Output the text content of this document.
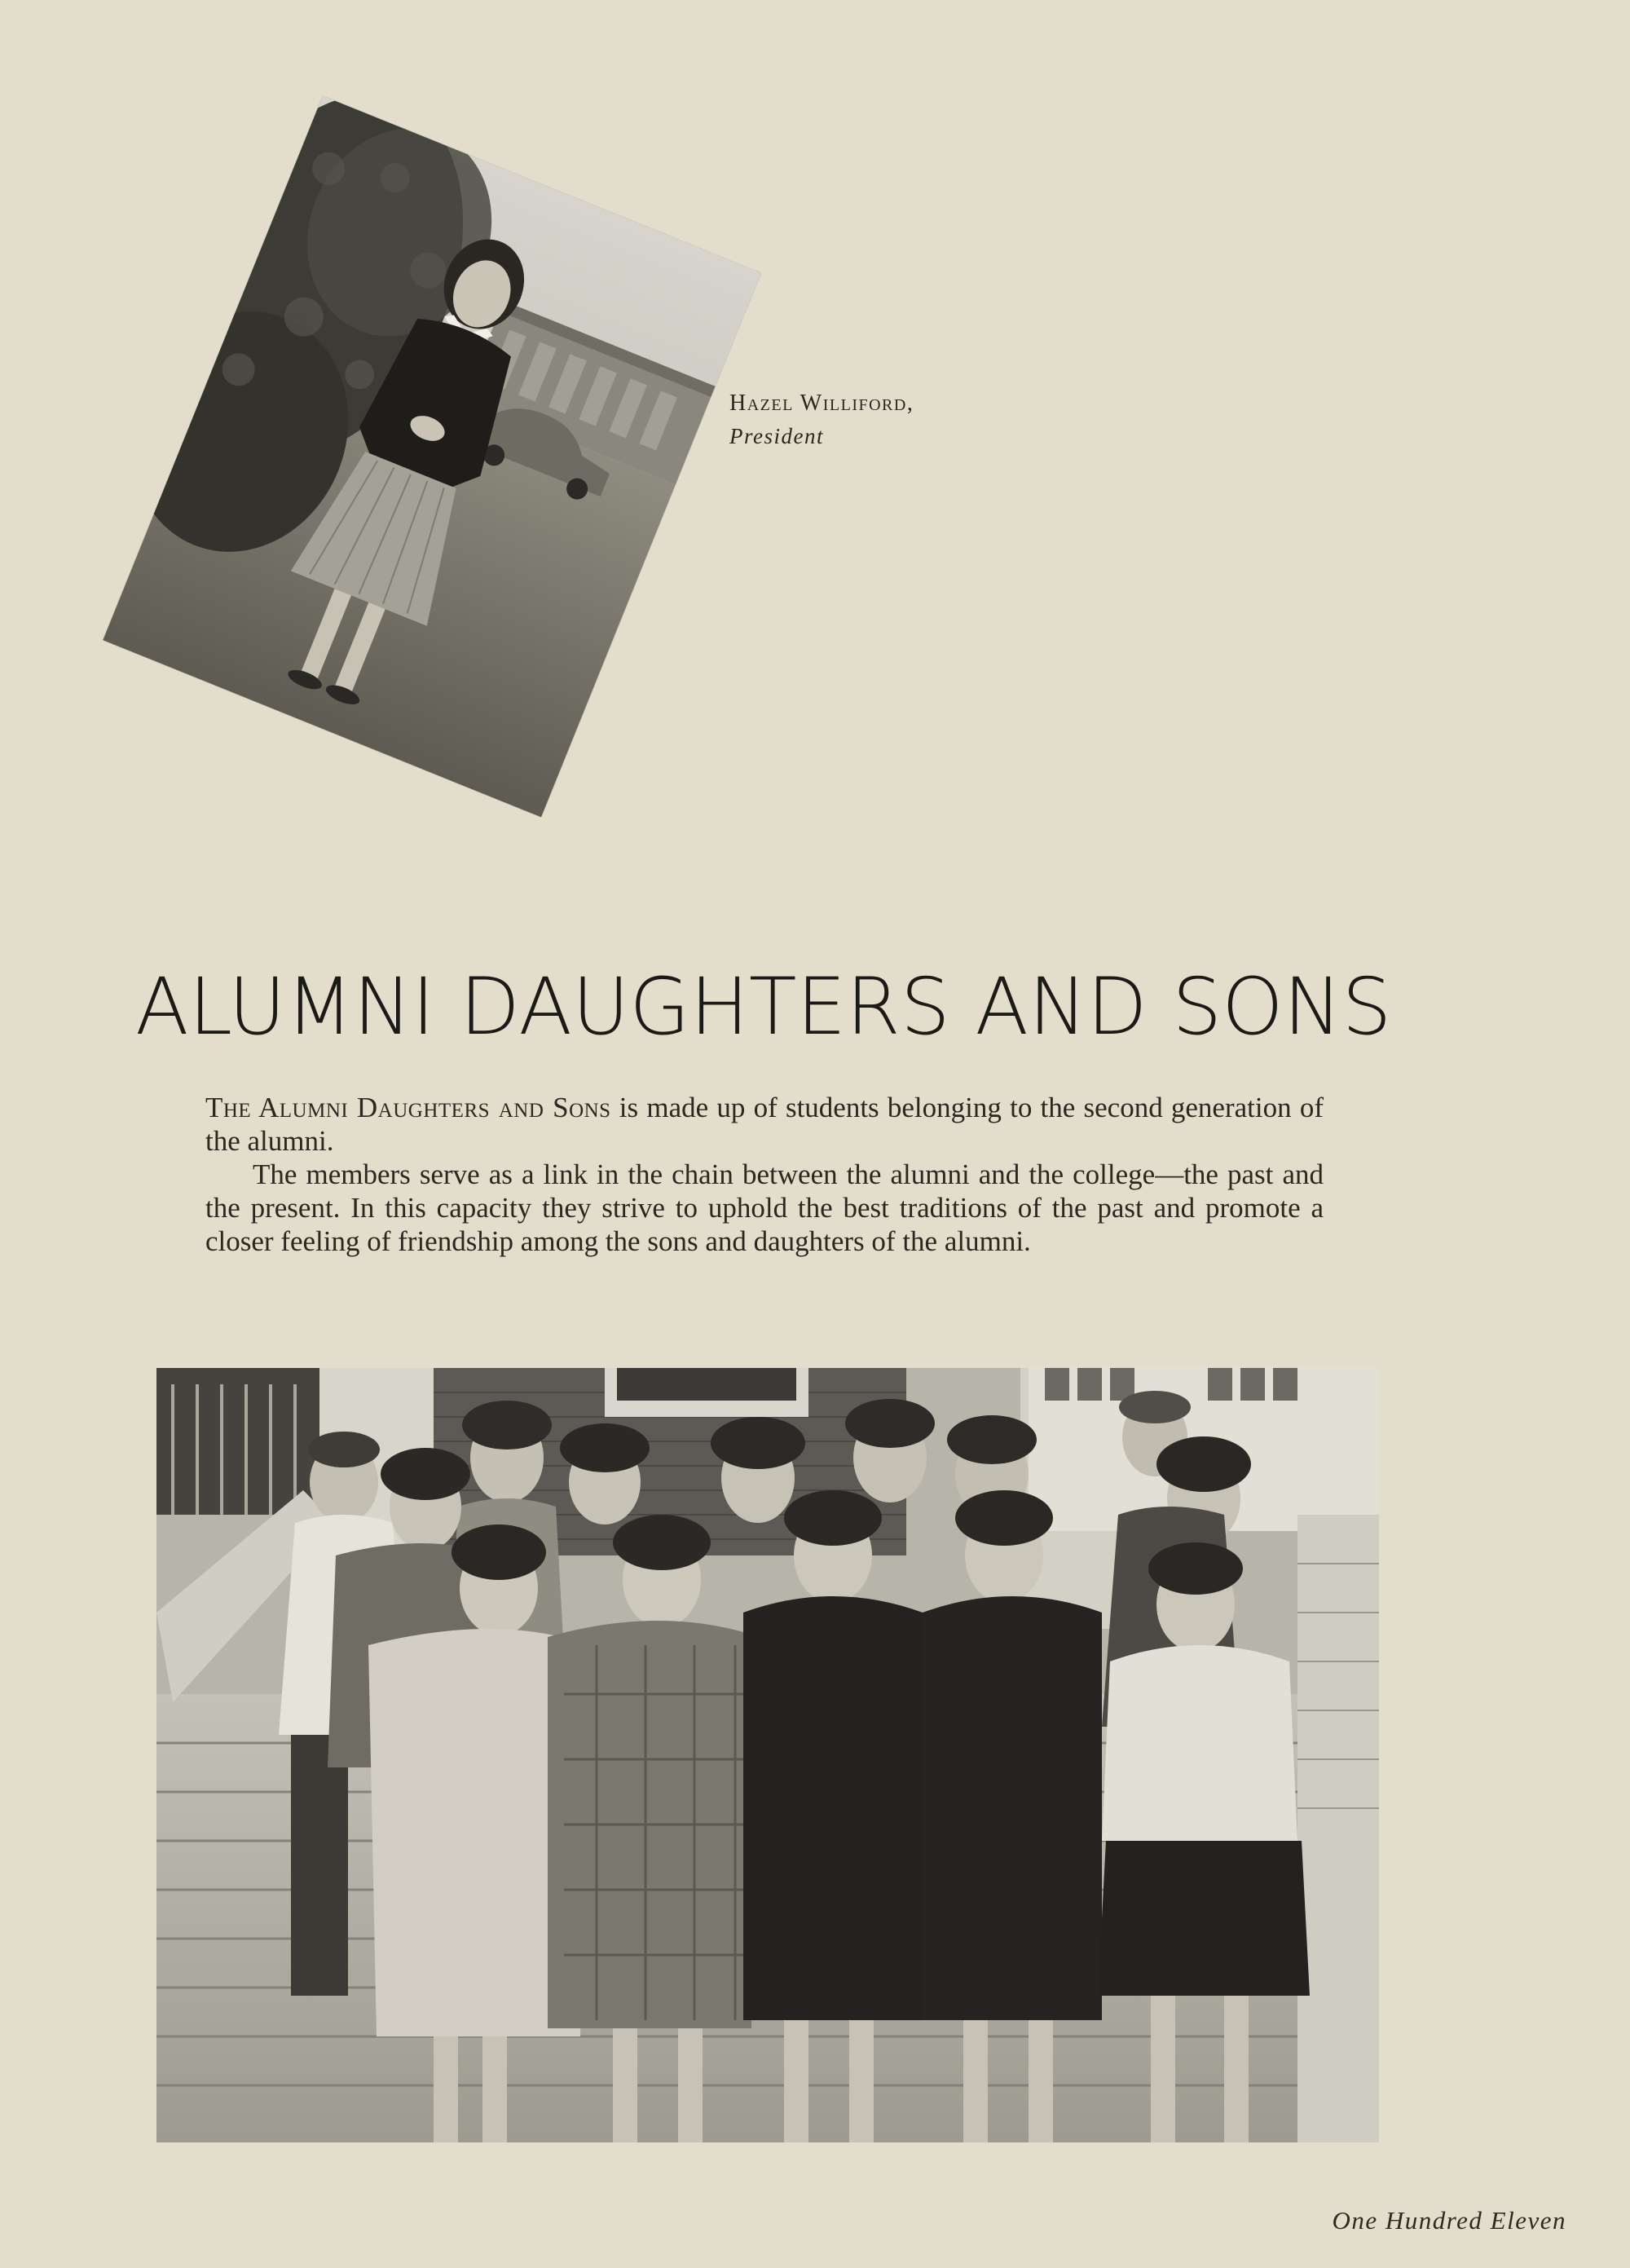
Hazel Williford,
President
ALUMNI DAUGHTERS AND SONS

The Alumni Daughters and Sons is made up of students belonging to the second generation of the alumni.

The members serve as a link in the chain between the alumni and the college—the past and the present. In this capacity they strive to uphold the best traditions of the past and promote a closer feeling of friendship among the sons and daughters of the alumni.

One Hundred Eleven
